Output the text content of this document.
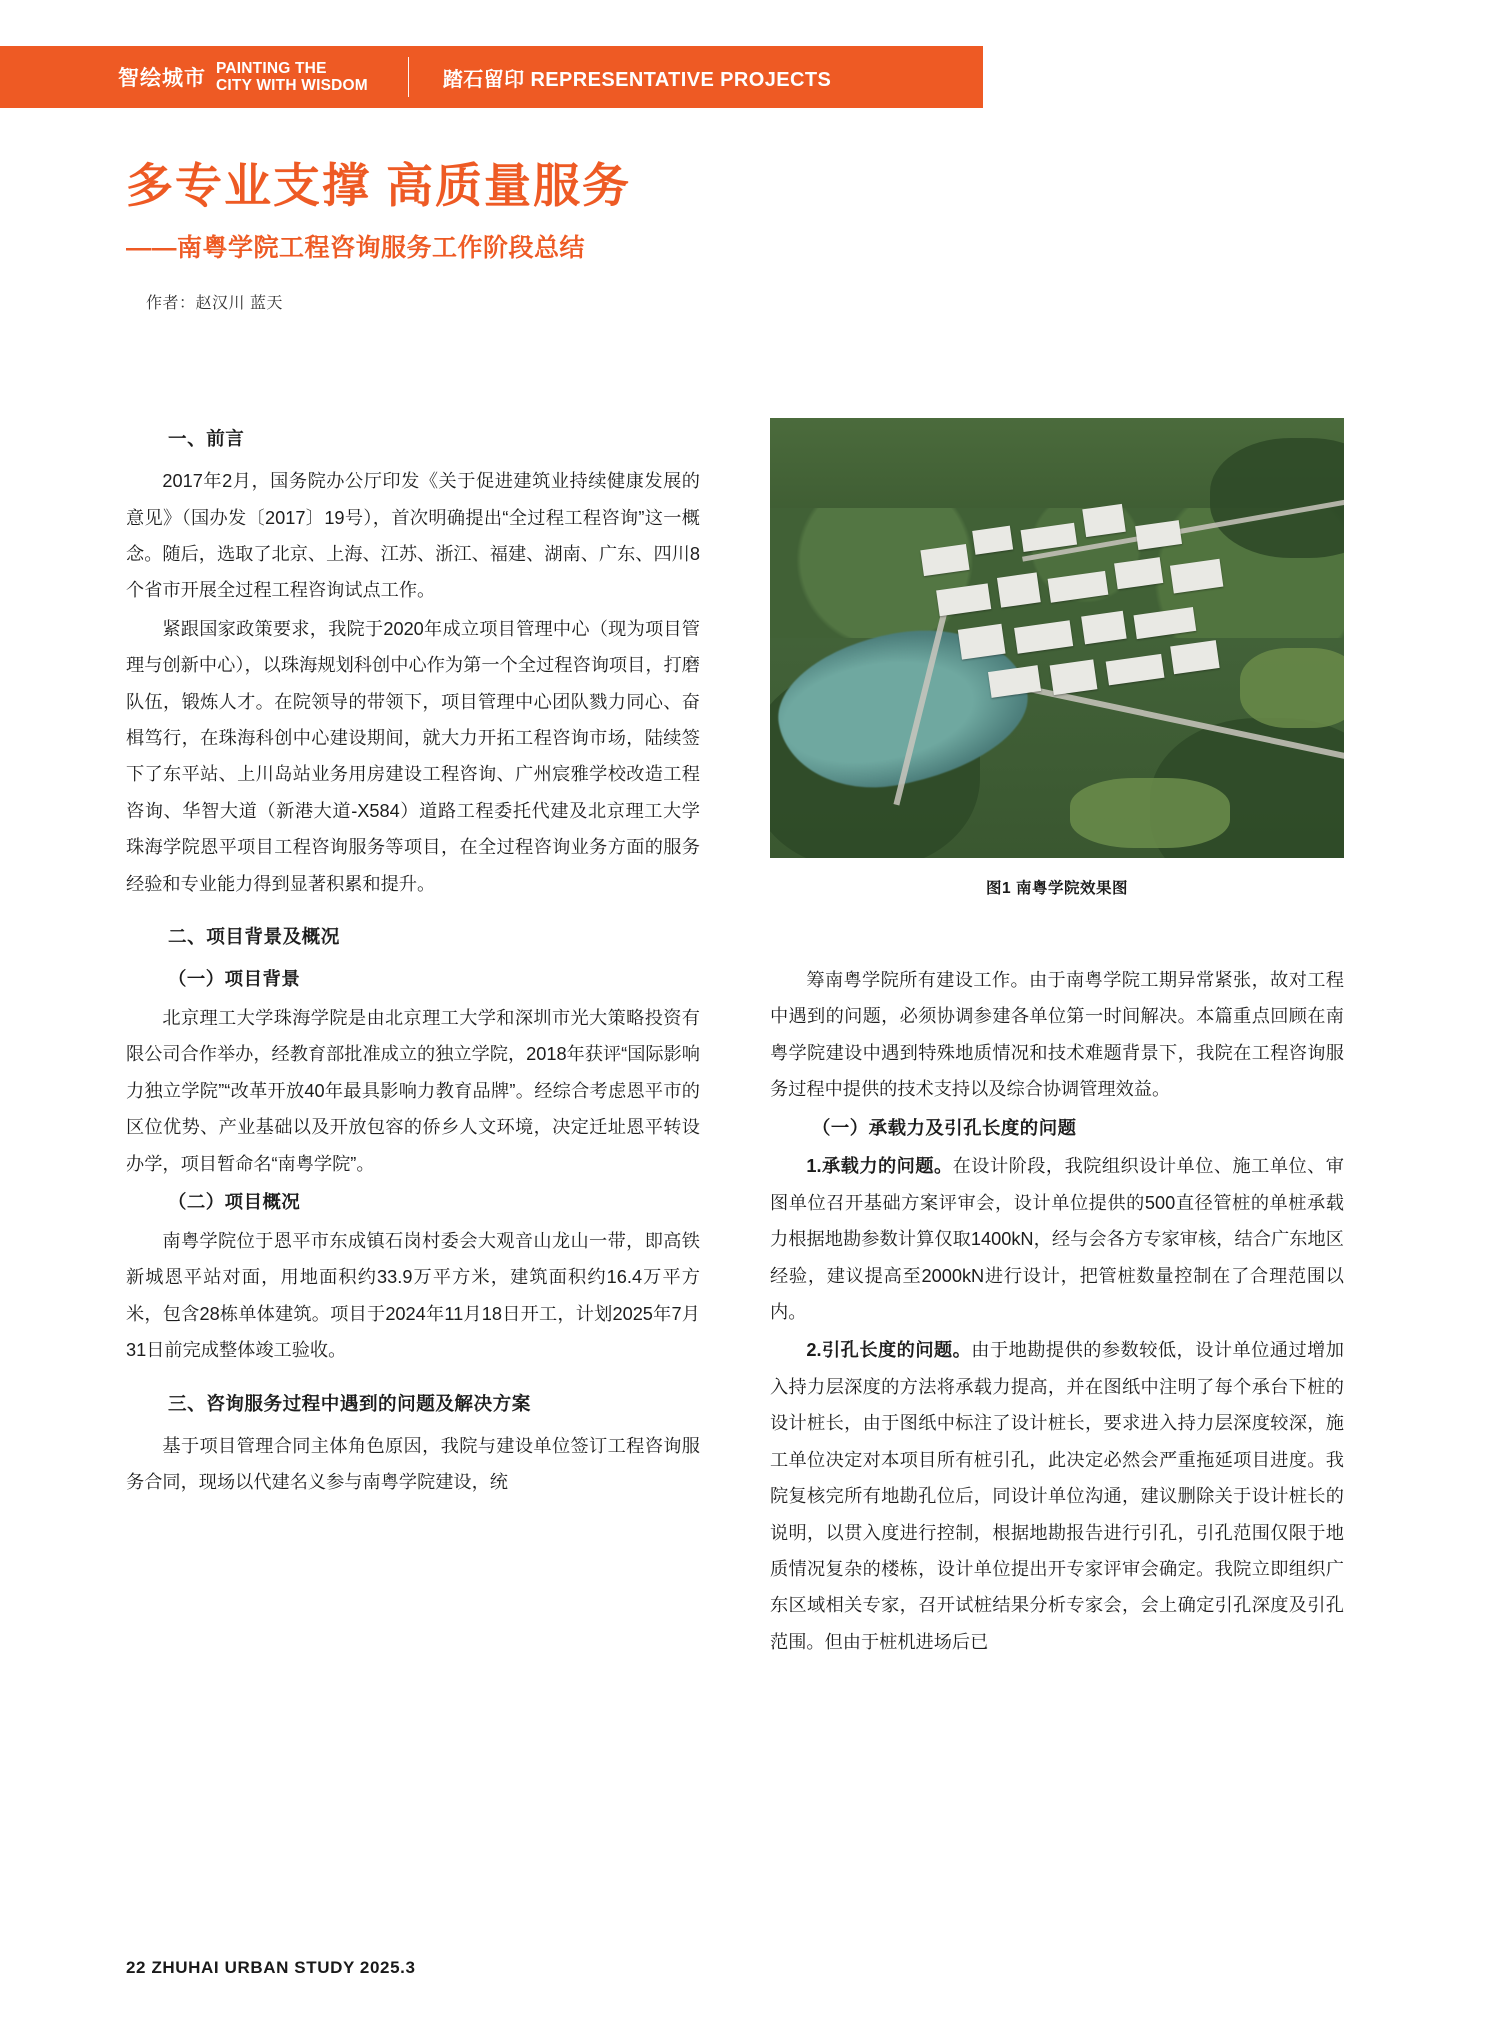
智绘城市 PAINTING THE
CITY WITH WISDOM	踏石留印 REPRESENTATIVE PROJECTS
多专业支撑 高质量服务
——南粤学院工程咨询服务工作阶段总结
作者：赵汉川 蓝天
一、前言

2017年2月，国务院办公厅印发《关于促进建筑业持续健康发展的意见》（国办发〔2017〕19号），首次明确提出“全过程工程咨询”这一概念。随后，选取了北京、上海、江苏、浙江、福建、湖南、广东、四川8个省市开展全过程工程咨询试点工作。

紧跟国家政策要求，我院于2020年成立项目管理中心（现为项目管理与创新中心），以珠海规划科创中心作为第一个全过程咨询项目，打磨队伍，锻炼人才。在院领导的带领下，项目管理中心团队戮力同心、奋楫笃行，在珠海科创中心建设期间，就大力开拓工程咨询市场，陆续签下了东平站、上川岛站业务用房建设工程咨询、广州宸雅学校改造工程咨询、华智大道（新港大道-X584）道路工程委托代建及北京理工大学珠海学院恩平项目工程咨询服务等项目，在全过程咨询业务方面的服务经验和专业能力得到显著积累和提升。

二、项目背景及概况
（一）项目背景

北京理工大学珠海学院是由北京理工大学和深圳市光大策略投资有限公司合作举办，经教育部批准成立的独立学院，2018年获评“国际影响力独立学院”“改革开放40年最具影响力教育品牌”。经综合考虑恩平市的区位优势、产业基础以及开放包容的侨乡人文环境，决定迁址恩平转设办学，项目暂命名“南粤学院”。

（二）项目概况

南粤学院位于恩平市东成镇石岗村委会大观音山龙山一带，即高铁新城恩平站对面，用地面积约33.9万平方米，建筑面积约16.4万平方米，包含28栋单体建筑。项目于2024年11月18日开工，计划2025年7月31日前完成整体竣工验收。

三、咨询服务过程中遇到的问题及解决方案

基于项目管理合同主体角色原因，我院与建设单位签订工程咨询服务合同，现场以代建名义参与南粤学院建设，统

图1 南粤学院效果图

筹南粤学院所有建设工作。由于南粤学院工期异常紧张，故对工程中遇到的问题，必须协调参建各单位第一时间解决。本篇重点回顾在南粤学院建设中遇到特殊地质情况和技术难题背景下，我院在工程咨询服务过程中提供的技术支持以及综合协调管理效益。

（一）承载力及引孔长度的问题

1.承载力的问题。在设计阶段，我院组织设计单位、施工单位、审图单位召开基础方案评审会，设计单位提供的500直径管桩的单桩承载力根据地勘参数计算仅取1400kN，经与会各方专家审核，结合广东地区经验，建议提高至2000kN进行设计，把管桩数量控制在了合理范围以内。

2.引孔长度的问题。由于地勘提供的参数较低，设计单位通过增加入持力层深度的方法将承载力提高，并在图纸中注明了每个承台下桩的设计桩长，由于图纸中标注了设计桩长，要求进入持力层深度较深，施工单位决定对本项目所有桩引孔，此决定必然会严重拖延项目进度。我院复核完所有地勘孔位后，同设计单位沟通，建议删除关于设计桩长的说明，以贯入度进行控制，根据地勘报告进行引孔，引孔范围仅限于地质情况复杂的楼栋，设计单位提出开专家评审会确定。我院立即组织广东区域相关专家，召开试桩结果分析专家会，会上确定引孔深度及引孔范围。但由于桩机进场后已

22 ZHUHAI URBAN STUDY 2025.3
